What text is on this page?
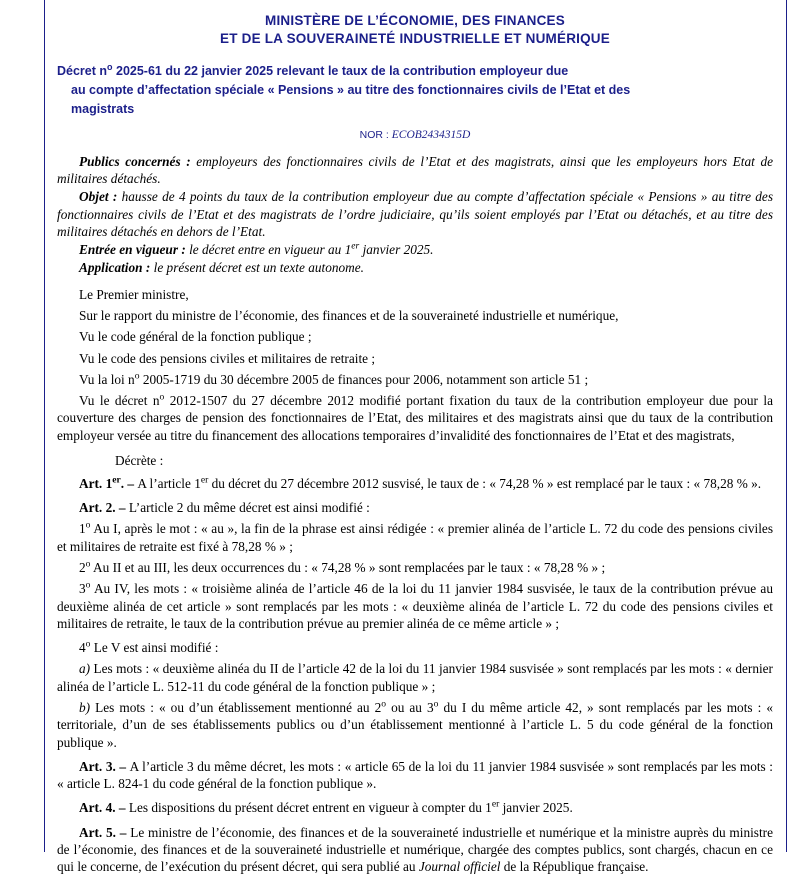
MINISTÈRE DE L’ÉCONOMIE, DES FINANCES
ET DE LA SOUVERAINETÉ INDUSTRIELLE ET NUMÉRIQUE
Décret $n^o$ 2025-61 du 22 janvier 2025 relevant le taux de la contribution employeur due
au compte d’affectation spéciale « Pensions » au titre des fonctionnaires civils de l’Etat et des
magistrats
NOR : ECOB2434315D

Publics concernés : employeurs des fonctionnaires civils de l’Etat et des magistrats, ainsi que les employeurs hors Etat de militaires détachés.

Objet : hausse de 4 points du taux de la contribution employeur due au compte d’affectation spéciale « Pensions » au titre des fonctionnaires civils de l’Etat et des magistrats de l’ordre judiciaire, qu’ils soient employés par l’Etat ou détachés, et au titre des militaires détachés en dehors de l’Etat.

Entrée en vigueur : le décret entre en vigueur au 1er janvier 2025.

Application : le présent décret est un texte autonome.

Le Premier ministre,

Sur le rapport du ministre de l’économie, des finances et de la souveraineté industrielle et numérique,

Vu le code général de la fonction publique ;

Vu le code des pensions civiles et militaires de retraite ;

Vu la loi $n^o$ 2005-1719 du 30 décembre 2005 de finances pour 2006, notamment son article 51 ;

Vu le décret $n^o$ 2012-1507 du 27 décembre 2012 modifié portant fixation du taux de la contribution employeur due pour la couverture des charges de pension des fonctionnaires de l’Etat, des militaires et des magistrats ainsi que du taux de la contribution employeur versée au titre du financement des allocations temporaires d’invalidité des fonctionnaires de l’Etat et des magistrats,

Décrète :

Art. 1er. – A l’article 1er du décret du 27 décembre 2012 susvisé, le taux de : « 74,28 % » est remplacé par le taux : « 78,28 % ».

Art. 2. – L’article 2 du même décret est ainsi modifié :

1$^o$ Au I, après le mot : « au », la fin de la phrase est ainsi rédigée : « premier alinéa de l’article L. 72 du code des pensions civiles et militaires de retraite est fixé à 78,28 % » ;

2$^o$ Au II et au III, les deux occurrences du : « 74,28 % » sont remplacées par le taux : « 78,28 % » ;

3$^o$ Au IV, les mots : « troisième alinéa de l’article 46 de la loi du 11 janvier 1984 susvisée, le taux de la contribution prévue au deuxième alinéa de cet article » sont remplacés par les mots : « deuxième alinéa de l’article L. 72 du code des pensions civiles et militaires de retraite, le taux de la contribution prévue au premier alinéa de ce même article » ;

4$^o$ Le V est ainsi modifié :

a) Les mots : « deuxième alinéa du II de l’article 42 de la loi du 11 janvier 1984 susvisée » sont remplacés par les mots : « dernier alinéa de l’article L. 512-11 du code général de la fonction publique » ;

b) Les mots : « ou d’un établissement mentionné au 2$^o$ ou au 3$^o$ du I du même article 42, » sont remplacés par les mots : « territoriale, d’un de ses établissements publics ou d’un établissement mentionné à l’article L. 5 du code général de la fonction publique ».

Art. 3. – A l’article 3 du même décret, les mots : « article 65 de la loi du 11 janvier 1984 susvisée » sont remplacés par les mots : « article L. 824-1 du code général de la fonction publique ».

Art. 4. – Les dispositions du présent décret entrent en vigueur à compter du 1er janvier 2025.

Art. 5. – Le ministre de l’économie, des finances et de la souveraineté industrielle et numérique et la ministre auprès du ministre de l’économie, des finances et de la souveraineté industrielle et numérique, chargée des comptes publics, sont chargés, chacun en ce qui le concerne, de l’exécution du présent décret, qui sera publié au Journal officiel de la République française.
